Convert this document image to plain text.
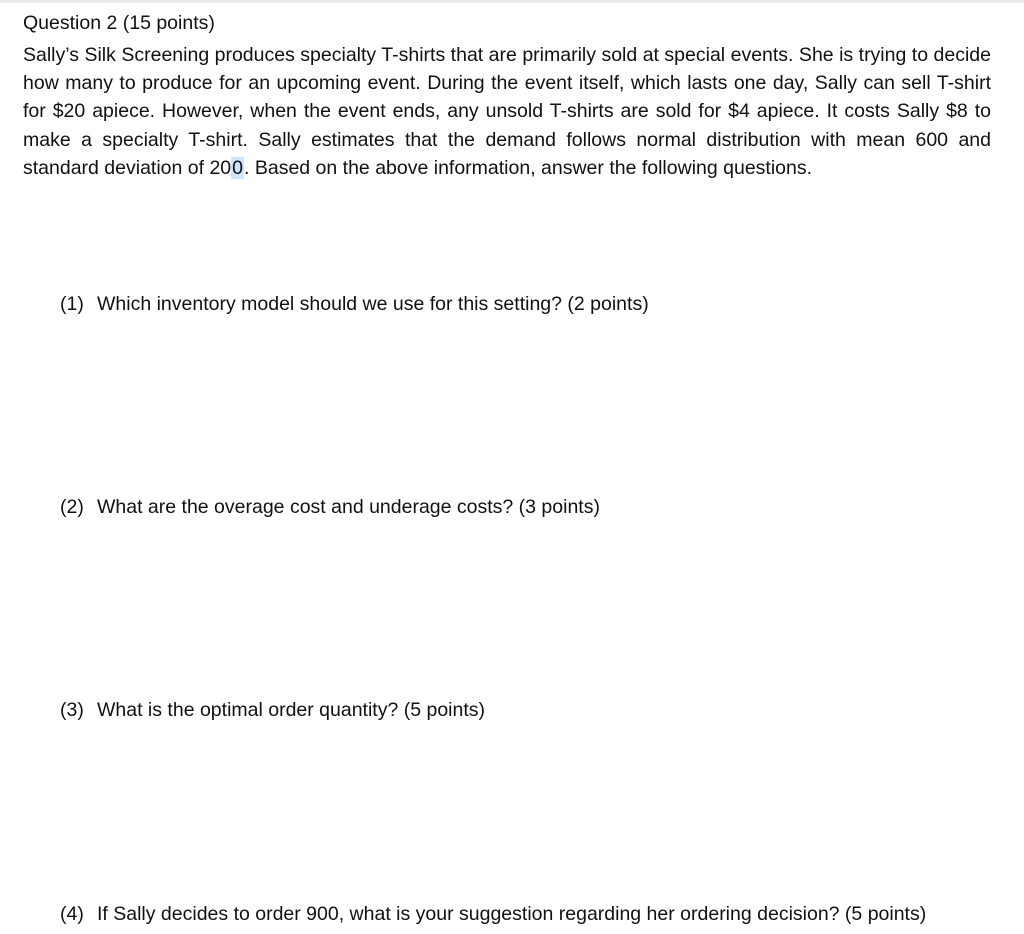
Question 2 (15 points)
Sally’s Silk Screening produces specialty T-shirts that are primarily sold at special events. She is trying to decide how many to produce for an upcoming event. During the event itself, which lasts one day, Sally can sell T-shirt for $20 apiece. However, when the event ends, any unsold T-shirts are sold for $4 apiece. It costs Sally $8 to make a specialty T-shirt. Sally estimates that the demand follows normal distribution with mean 600 and standard deviation of 200. Based on the above information, answer the following questions.
(1) Which inventory model should we use for this setting? (2 points)
(2) What are the overage cost and underage costs? (3 points)
(3) What is the optimal order quantity? (5 points)
(4) If Sally decides to order 900, what is your suggestion regarding her ordering decision? (5 points)
